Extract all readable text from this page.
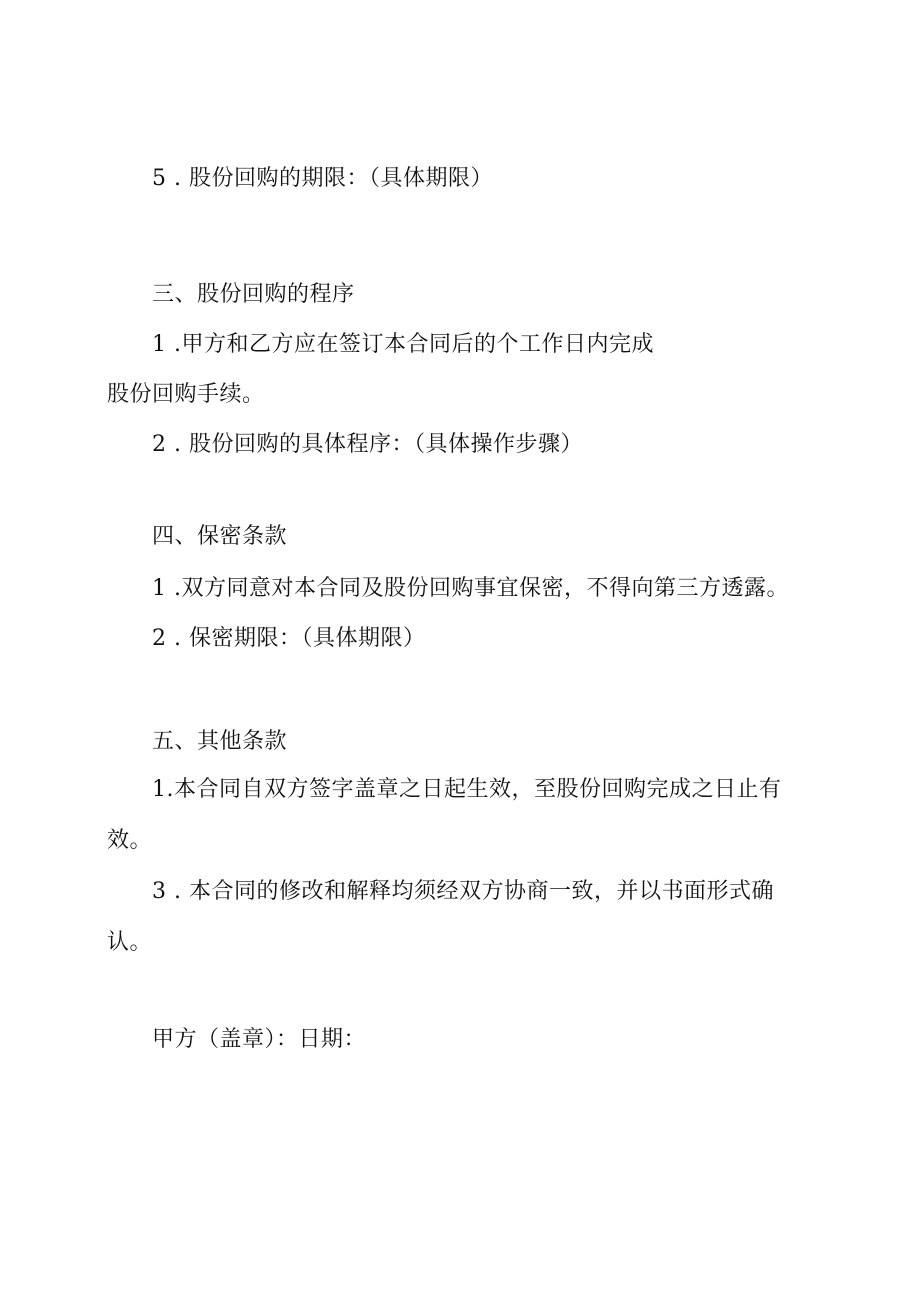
5 . 股份回购的期限：（具体期限）
三、股份回购的程序
1 .甲方和乙方应在签订本合同后的个工作日内完成
股份回购手续。
2 . 股份回购的具体程序：（具体操作步骤）
四、保密条款
1 .双方同意对本合同及股份回购事宜保密，不得向第三方透露。
2 . 保密期限：（具体期限）
五、其他条款
1.本合同自双方签字盖章之日起生效，至股份回购完成之日止有
效。
3 . 本合同的修改和解释均须经双方协商一致，并以书面形式确
认。
甲方（盖章）：日期：
